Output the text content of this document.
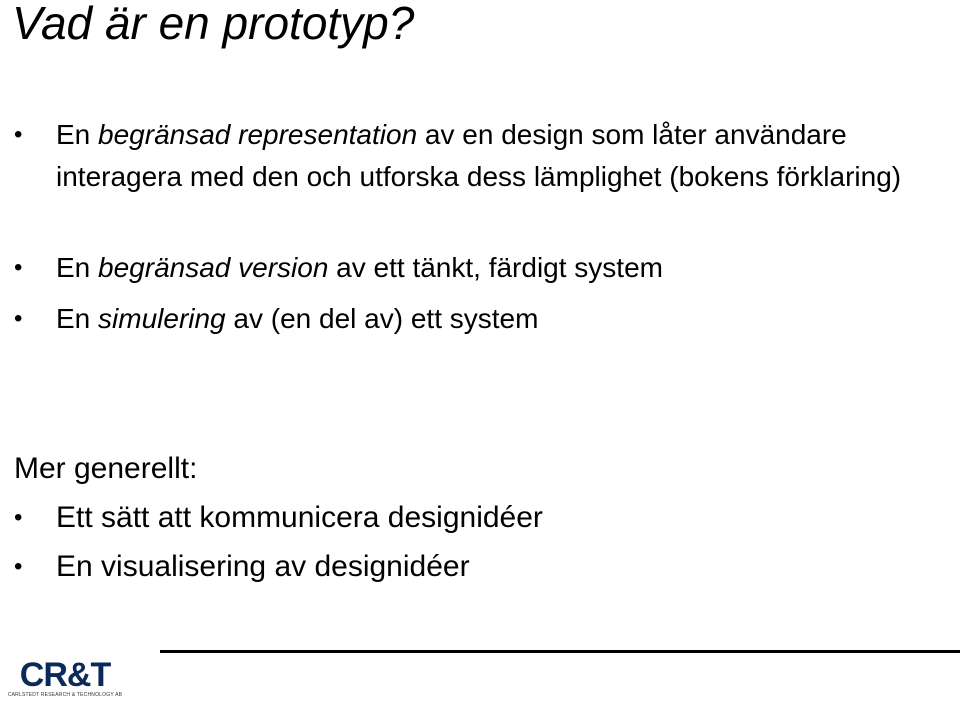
Vad är en prototyp?
• En begränsad representation av en design som låter användare interagera med den och utforska dess lämplighet (bokens förklaring)
• En begränsad version av ett tänkt, färdigt system
• En simulering av (en del av) ett system

Mer generellt:

• Ett sätt att kommunicera designidéer
• En visualisering av designidéer
CR&T
CARLSTEDT RESEARCH & TECHNOLOGY AB
